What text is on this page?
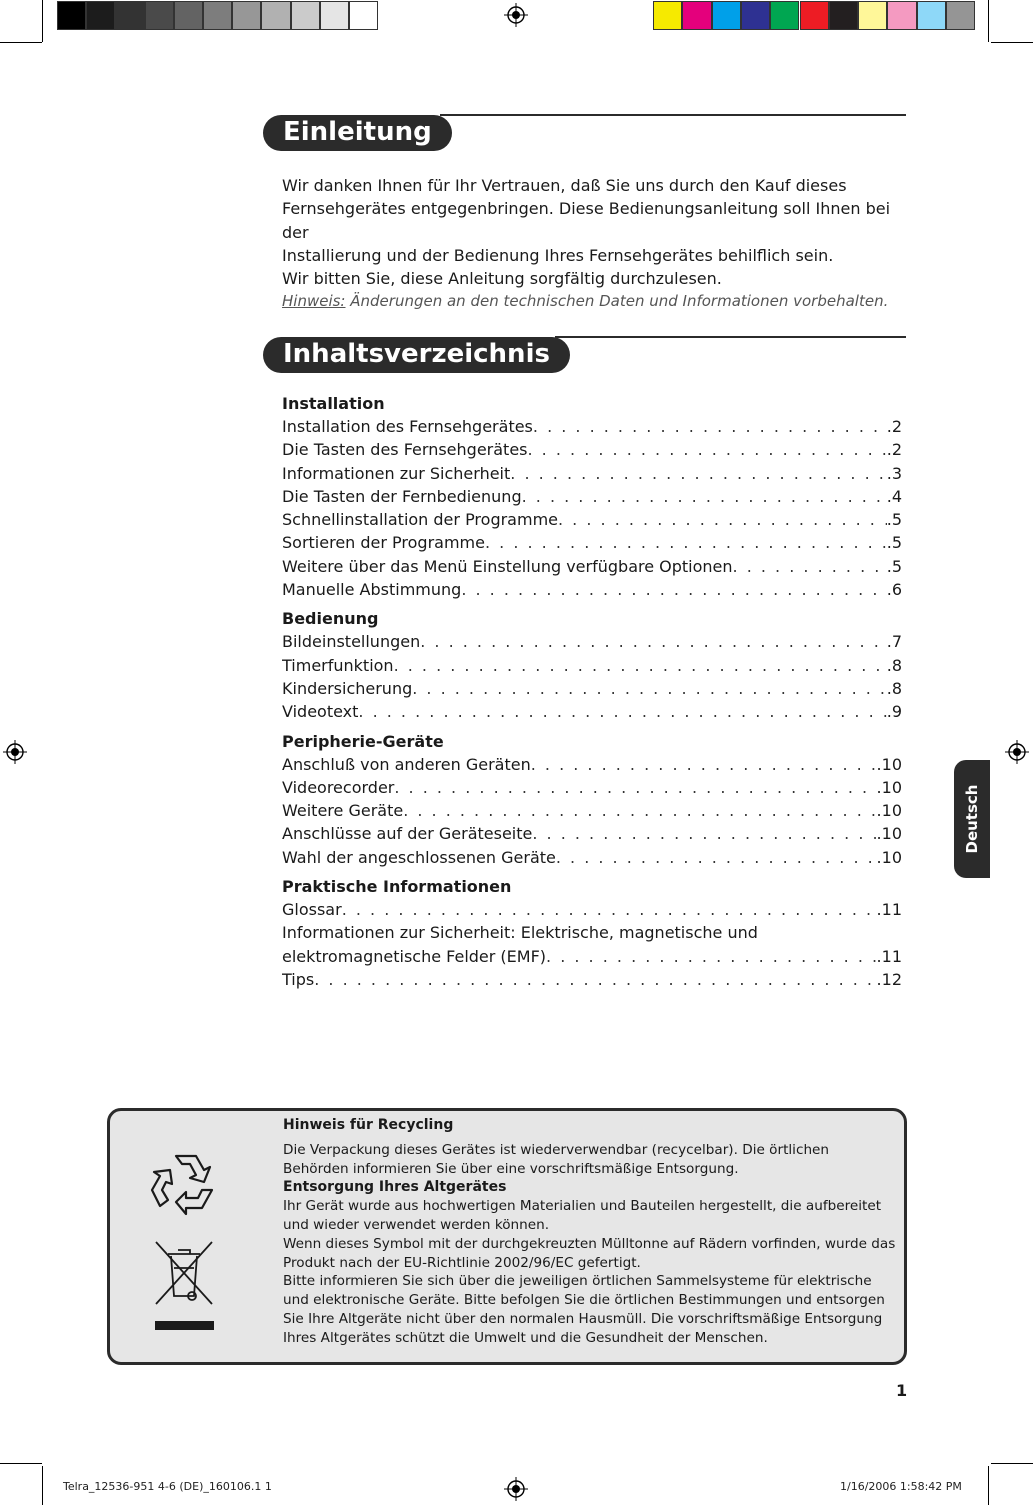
Einleitung
Wir danken Ihnen für Ihr Vertrauen, daß Sie uns durch den Kauf dieses
Fernsehgerätes entgegenbringen. Diese Bedienungsanleitung soll Ihnen bei der
Installierung und der Bedienung Ihres Fernsehgerätes behilflich sein.
Wir bitten Sie, diese Anleitung sorgfältig durchzulesen.
Hinweis: Änderungen an den technischen Daten und Informationen vorbehalten.
Inhaltsverzeichnis
Installation
Installation des Fernsehgerätes . . .	.2
Die Tasten des Fernsehgerätes . . .	.2
Informationen zur Sicherheit . . .	.3
Die Tasten der Fernbedienung . . .	.4
Schnellinstallation der Programme . . .	.5
Sortieren der Programme . . .	.5
Weitere über das Menü Einstellung verfügbare Optionen . . .	.5
Manuelle Abstimmung . . .	.6
Bedienung
Bildeinstellungen . . .	.7
Timerfunktion . . .	.8
Kindersicherung . . .	.8
Videotext . . .	.9
Peripherie-Geräte
Anschluß von anderen Geräten . . .	.10
Videorecorder . . .	.10
Weitere Geräte . . .	.10
Anschlüsse auf der Geräteseite . . .	.10
Wahl der angeschlossenen Geräte . . .	.10
Praktische Informationen
Glossar . . .	.11
Informationen zur Sicherheit: Elektrische, magnetische und
elektromagnetische Felder (EMF) . . .	.11
Tips . . .	.12
Deutsch
Hinweis für Recycling
Die Verpackung dieses Gerätes ist wiederverwendbar (recycelbar). Die örtlichen Behörden informieren Sie über eine vorschriftsmäßige Entsorgung.
Entsorgung Ihres Altgerätes
Ihr Gerät wurde aus hochwertigen Materialien und Bauteilen hergestellt, die aufbereitet und wieder verwendet werden können.
Wenn dieses Symbol mit der durchgekreuzten Mülltonne auf Rädern vorfinden, wurde das Produkt nach der EU-Richtlinie 2002/96/EC gefertigt.
Bitte informieren Sie sich über die jeweiligen örtlichen Sammelsysteme für elektrische und elektronische Geräte. Bitte befolgen Sie die örtlichen Bestimmungen und entsorgen Sie Ihre Altgeräte nicht über den normalen Hausmüll. Die vorschriftsmäßige Entsorgung Ihres Altgerätes schützt die Umwelt und die Gesundheit der Menschen.
1
Telra_12536-951 4-6 (DE)_160106.1 1	1/16/2006 1:58:42 PM
